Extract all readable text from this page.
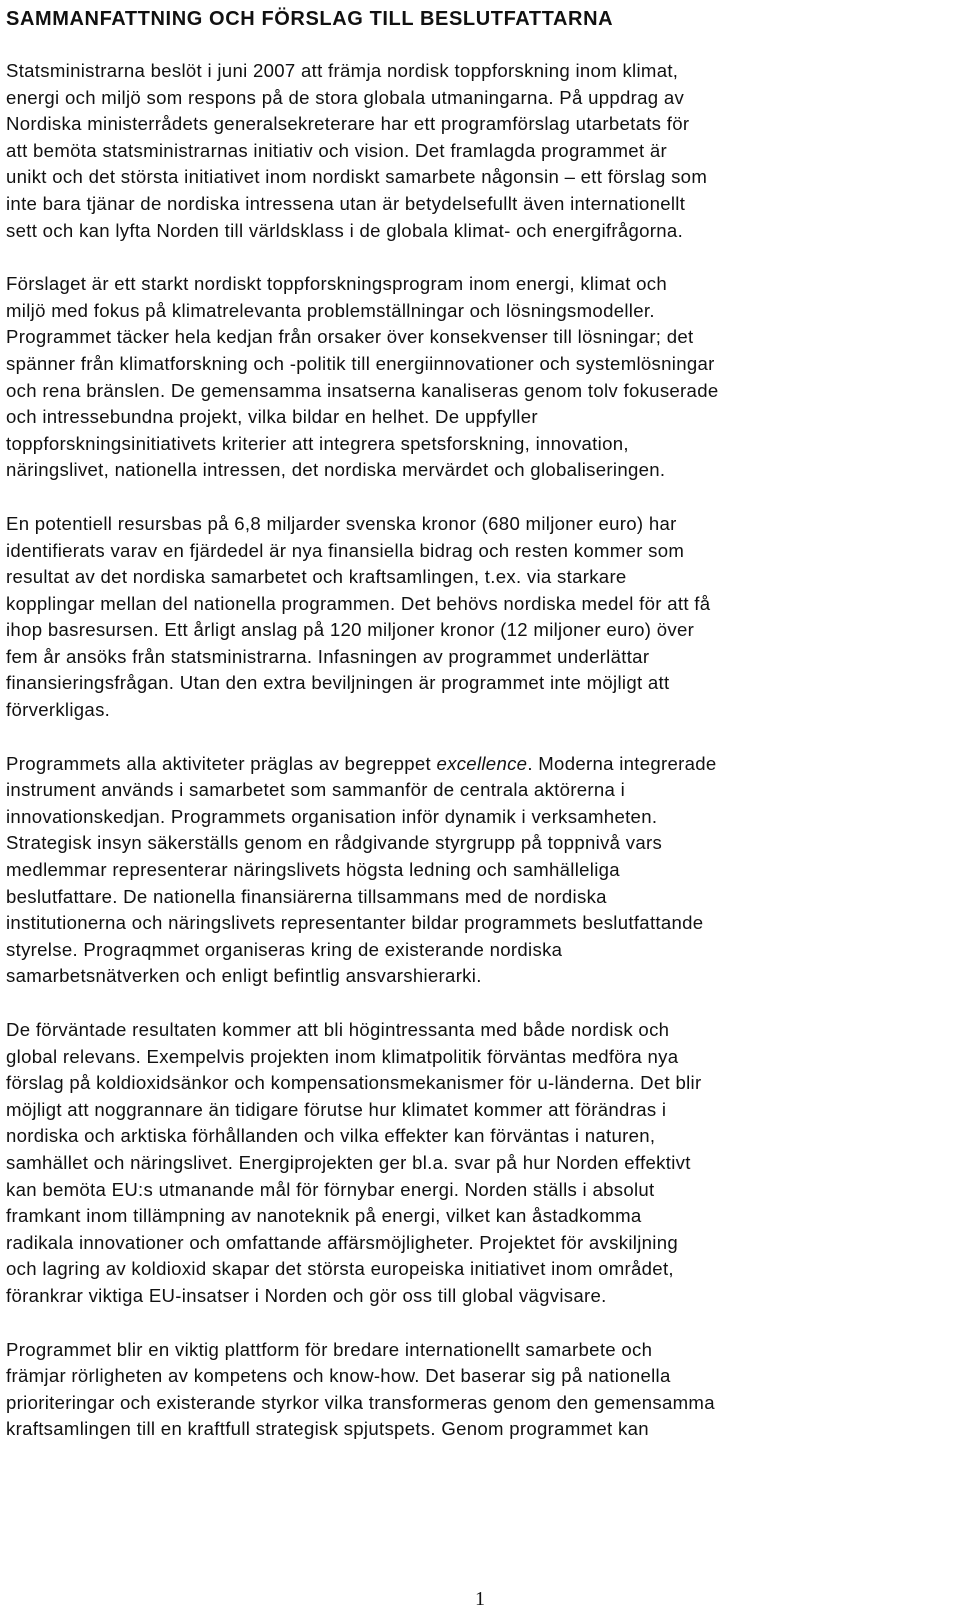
SAMMANFATTNING OCH FÖRSLAG TILL BESLUTFATTARNA

Statsministrarna beslöt i juni 2007 att främja nordisk toppforskning inom klimat,
energi och miljö som respons på de stora globala utmaningarna. På uppdrag av
Nordiska ministerrådets generalsekreterare har ett programförslag utarbetats för
att bemöta statsministrarnas initiativ och vision. Det framlagda programmet är
unikt och det största initiativet inom nordiskt samarbete någonsin – ett förslag som
inte bara tjänar de nordiska intressena utan är betydelsefullt även internationellt
sett och kan lyfta Norden till världsklass i de globala klimat- och energifrågorna.

Förslaget är ett starkt nordiskt toppforskningsprogram inom energi, klimat och
miljö med fokus på klimatrelevanta problemställningar och lösningsmodeller.
Programmet täcker hela kedjan från orsaker över konsekvenser till lösningar; det
spänner från klimatforskning och -politik till energiinnovationer och systemlösningar
och rena bränslen. De gemensamma insatserna kanaliseras genom tolv fokuserade
och intressebundna projekt, vilka bildar en helhet. De uppfyller
toppforskningsinitiativets kriterier att integrera spetsforskning, innovation,
näringslivet, nationella intressen, det nordiska mervärdet och globaliseringen.

En potentiell resursbas på 6,8 miljarder svenska kronor (680 miljoner euro) har
identifierats varav en fjärdedel är nya finansiella bidrag och resten kommer som
resultat av det nordiska samarbetet och kraftsamlingen, t.ex. via starkare
kopplingar mellan del nationella programmen. Det behövs nordiska medel för att få
ihop basresursen. Ett årligt anslag på 120 miljoner kronor (12 miljoner euro) över
fem år ansöks från statsministrarna. Infasningen av programmet underlättar
finansieringsfrågan. Utan den extra beviljningen är programmet inte möjligt att
förverkligas.

Programmets alla aktiviteter präglas av begreppet excellence. Moderna integrerade
instrument används i samarbetet som sammanför de centrala aktörerna i
innovationskedjan. Programmets organisation inför dynamik i verksamheten.
Strategisk insyn säkerställs genom en rådgivande styrgrupp på toppnivå vars
medlemmar representerar näringslivets högsta ledning och samhälleliga
beslutfattare. De nationella finansiärerna tillsammans med de nordiska
institutionerna och näringslivets representanter bildar programmets beslutfattande
styrelse. Prograqmmet organiseras kring de existerande nordiska
samarbetsnätverken och enligt befintlig ansvarshierarki.

De förväntade resultaten kommer att bli högintressanta med både nordisk och
global relevans. Exempelvis projekten inom klimatpolitik förväntas medföra nya
förslag på koldioxidsänkor och kompensationsmekanismer för u-länderna. Det blir
möjligt att noggrannare än tidigare förutse hur klimatet kommer att förändras i
nordiska och arktiska förhållanden och vilka effekter kan förväntas i naturen,
samhället och näringslivet. Energiprojekten ger bl.a. svar på hur Norden effektivt
kan bemöta EU:s utmanande mål för förnybar energi. Norden ställs i absolut
framkant inom tillämpning av nanoteknik på energi, vilket kan åstadkomma
radikala innovationer och omfattande affärsmöjligheter. Projektet för avskiljning
och lagring av koldioxid skapar det största europeiska initiativet inom området,
förankrar viktiga EU-insatser i Norden och gör oss till global vägvisare.

Programmet blir en viktig plattform för bredare internationellt samarbete och
främjar rörligheten av kompetens och know-how. Det baserar sig på nationella
prioriteringar och existerande styrkor vilka transformeras genom den gemensamma
kraftsamlingen till en kraftfull strategisk spjutspets. Genom programmet kan

1
